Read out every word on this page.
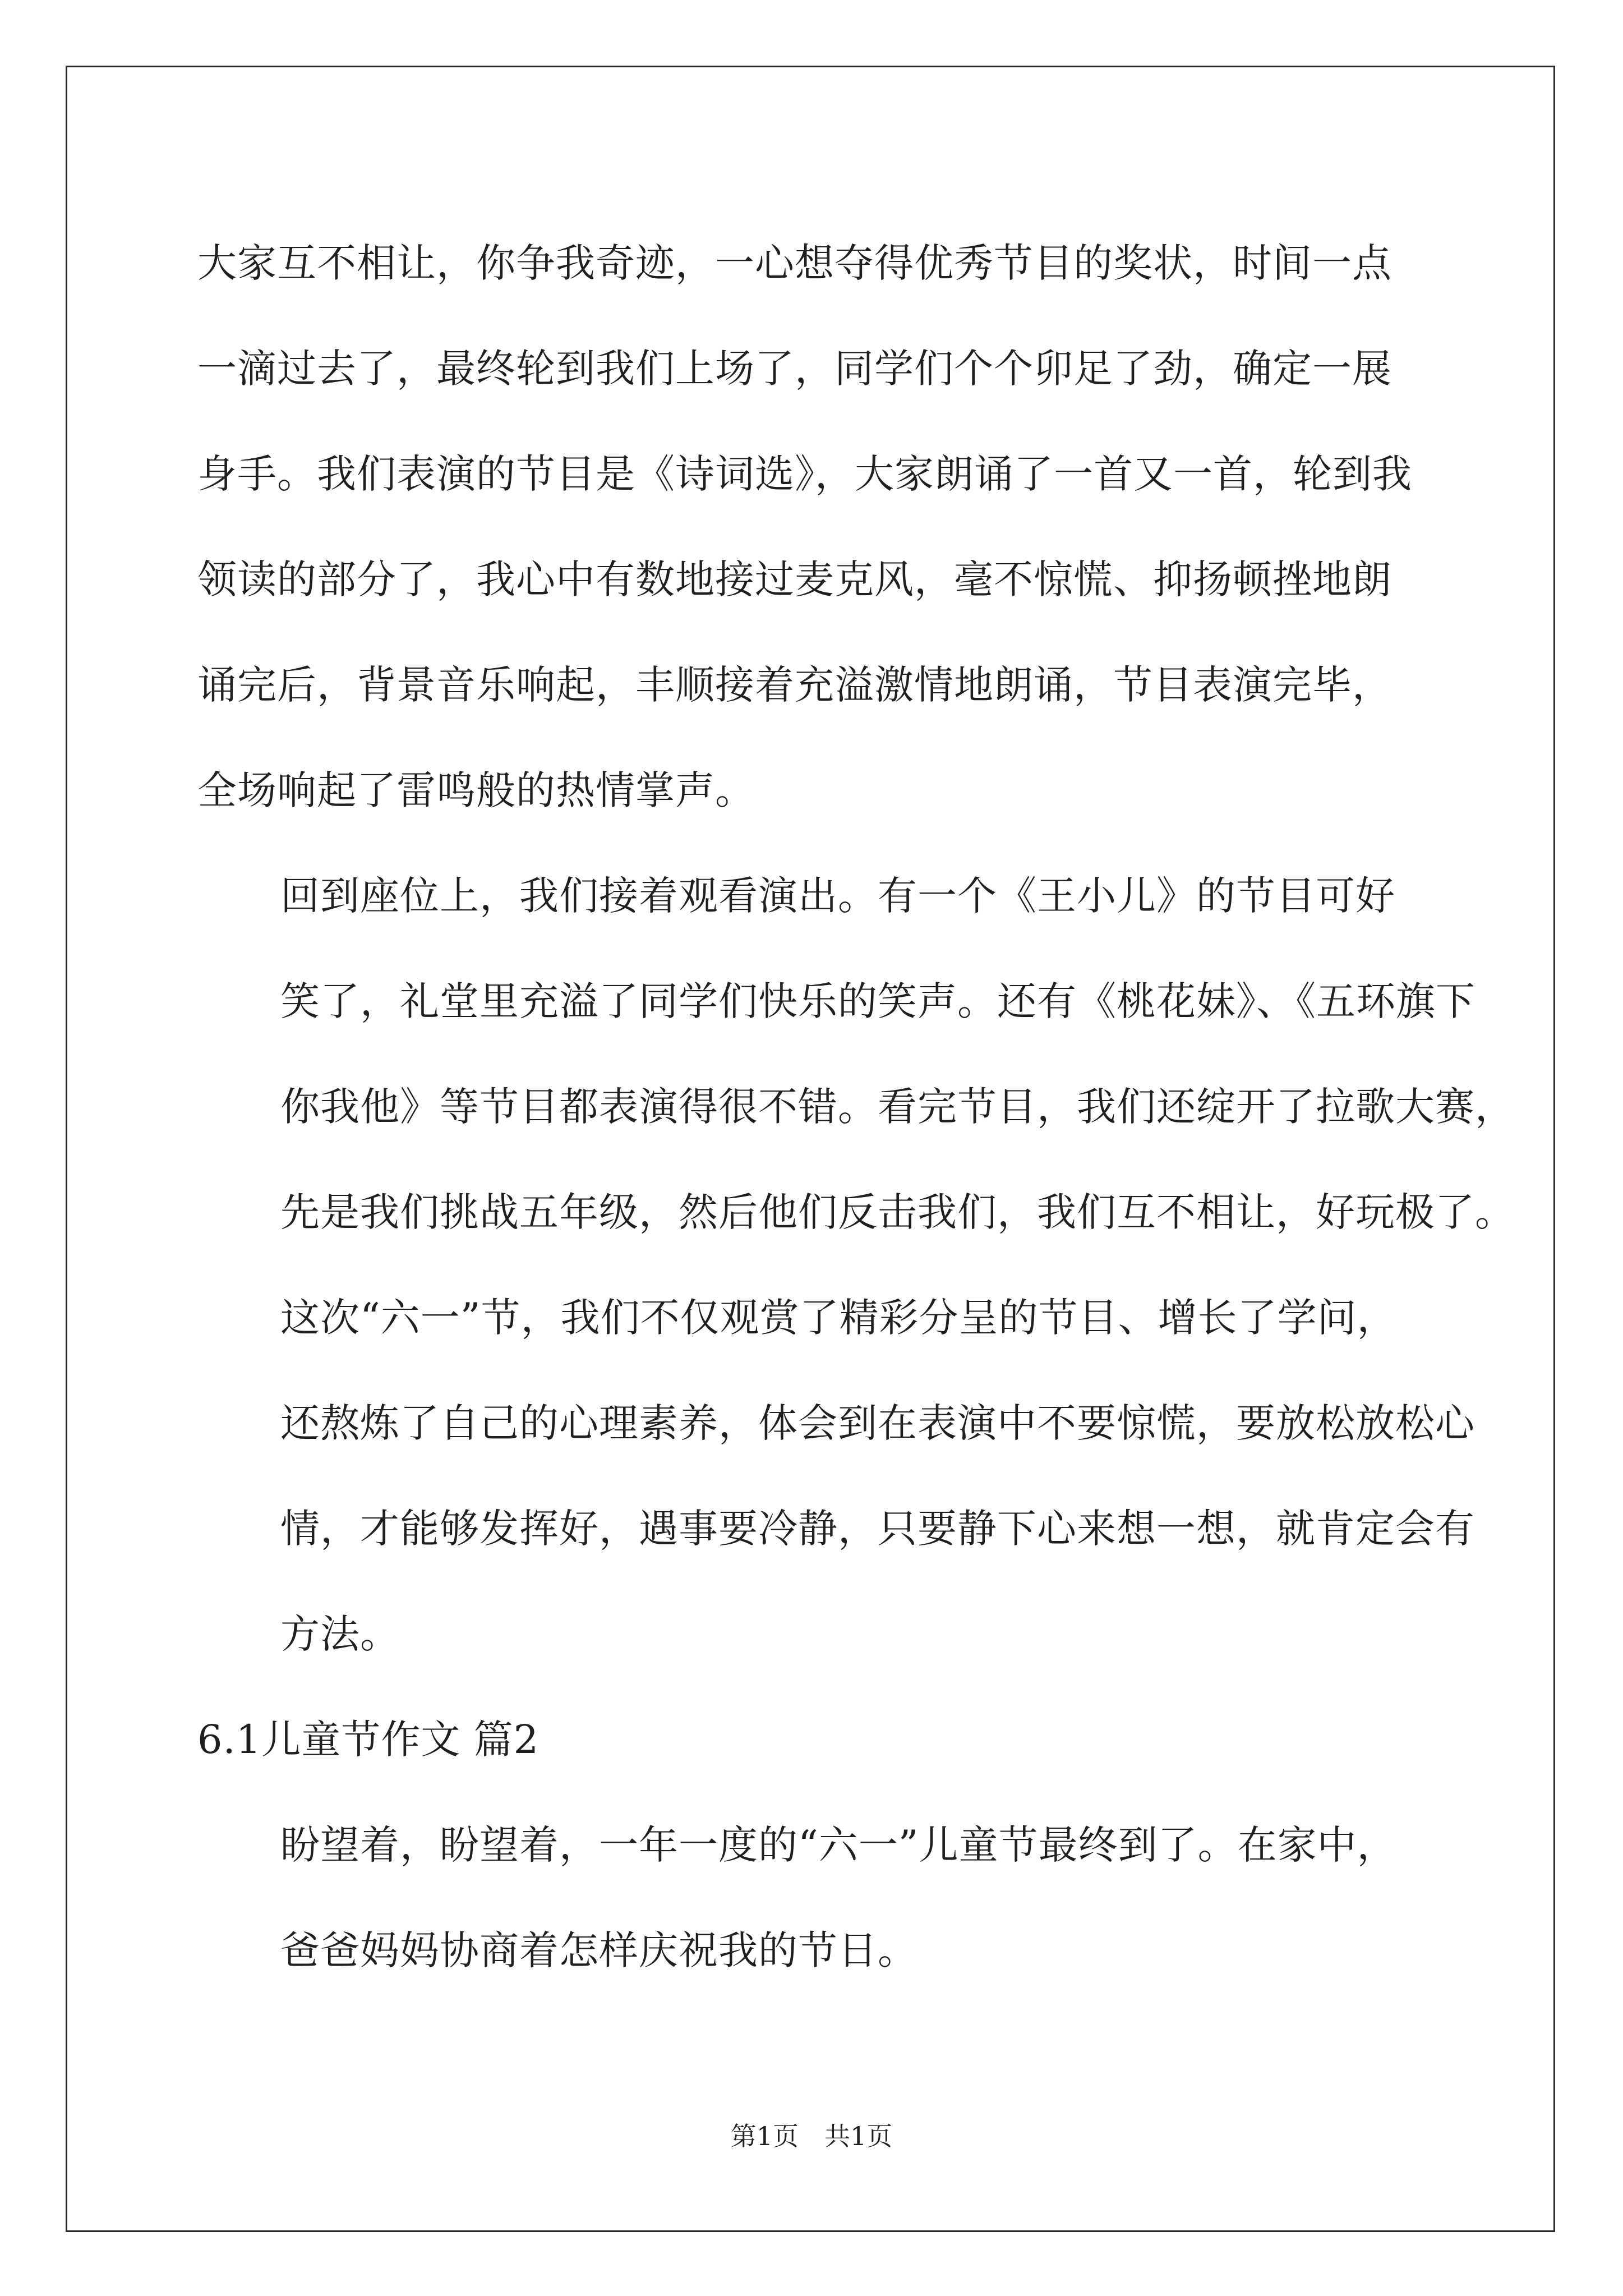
大家互不相让，你争我奇迹，一心想夺得优秀节目的奖状，时间一点
一滴过去了，最终轮到我们上场了，同学们个个卯足了劲，确定一展
身手。我们表演的节目是《诗词选》，大家朗诵了一首又一首，轮到我
领读的部分了，我心中有数地接过麦克风，毫不惊慌、抑扬顿挫地朗
诵完后，背景音乐响起，丰顺接着充溢激情地朗诵，节目表演完毕，
全场响起了雷鸣般的热情掌声。

回到座位上，我们接着观看演出。有一个《王小儿》的节目可好
笑了，礼堂里充溢了同学们快乐的笑声。还有《桃花妹》、《五环旗下
你我他》等节目都表演得很不错。看完节目，我们还绽开了拉歌大赛，
先是我们挑战五年级，然后他们反击我们，我们互不相让，好玩极了。

这次“六一”节，我们不仅观赏了精彩分呈的节目、增长了学问，
还熬炼了自己的心理素养，体会到在表演中不要惊慌，要放松放松心
情，才能够发挥好，遇事要冷静，只要静下心来想一想，就肯定会有
方法。

6.1儿童节作文 篇2

盼望着，盼望着，一年一度的“六一”儿童节最终到了。在家中，
爸爸妈妈协商着怎样庆祝我的节日。

第1页　共1页
